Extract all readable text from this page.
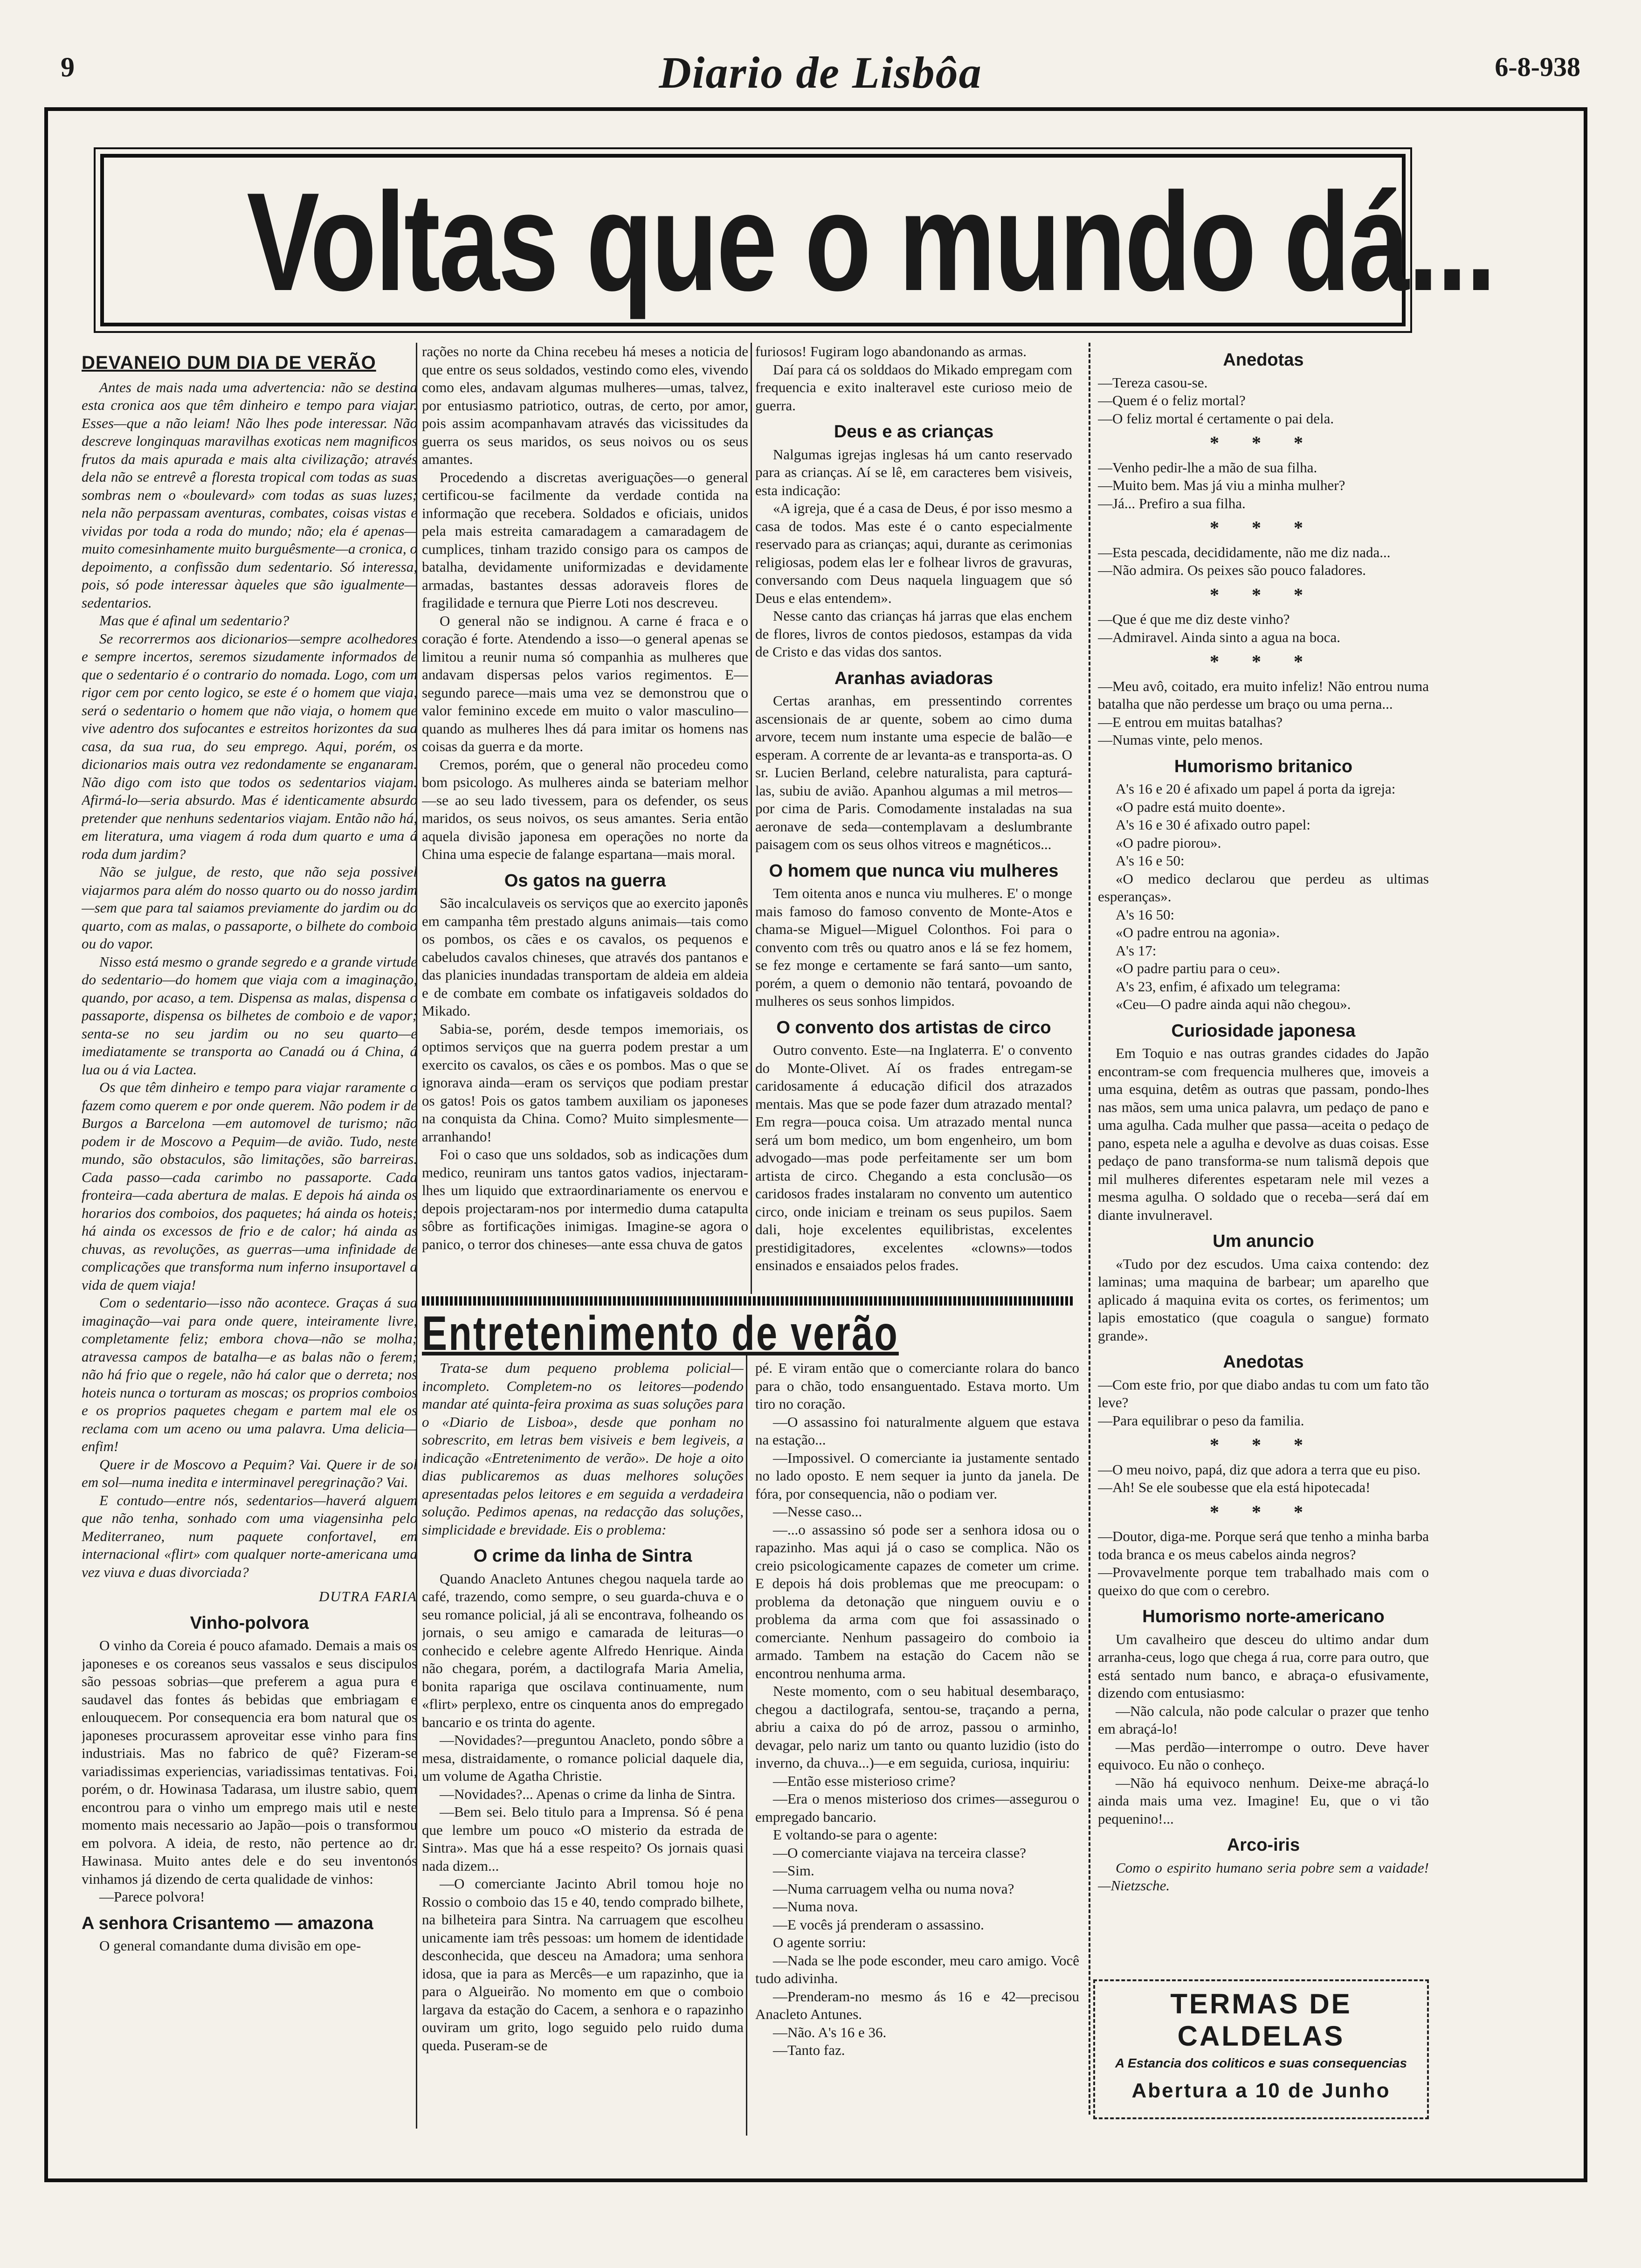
9	Diario de Lisbôa	6-8-938
Voltas que o mundo dá...
DEVANEIO DUM DIA DE VERÃO

Antes de mais nada uma advertencia: não se destina esta cronica aos que têm dinheiro e tempo para viajar. Esses—que a não leiam! Não lhes pode interessar. Não descreve longinquas maravilhas exoticas nem magnificos frutos da mais apurada e mais alta civilização; através dela não se entrevê a floresta tropical com todas as suas sombras nem o «boulevard» com todas as suas luzes; nela não perpassam aventuras, combates, coisas vistas e vividas por toda a roda do mundo; não; ela é apenas—muito comesinhamente muito burguêsmente—a cronica, o depoimento, a confissão dum sedentario. Só interessa, pois, só pode interessar àqueles que são igualmente—sedentarios.

Mas que é afinal um sedentario?

Se recorrermos aos dicionarios—sempre acolhedores e sempre incertos, seremos sizudamente informados de que o sedentario é o contrario do nomada. Logo, com um rigor cem por cento logico, se este é o homem que viaja, será o sedentario o homem que não viaja, o homem que vive adentro dos sufocantes e estreitos horizontes da sua casa, da sua rua, do seu emprego. Aqui, porém, os dicionarios mais outra vez redondamente se enganaram. Não digo com isto que todos os sedentarios viajam. Afirmá-lo—seria absurdo. Mas é identicamente absurdo pretender que nenhuns sedentarios viajam. Então não há, em literatura, uma viagem á roda dum quarto e uma á roda dum jardim?

Não se julgue, de resto, que não seja possivel viajarmos para além do nosso quarto ou do nosso jardim—sem que para tal saiamos previamente do jardim ou do quarto, com as malas, o passaporte, o bilhete do comboio ou do vapor.

Nisso está mesmo o grande segredo e a grande virtude do sedentario—do homem que viaja com a imaginação, quando, por acaso, a tem. Dispensa as malas, dispensa o passaporte, dispensa os bilhetes de comboio e de vapor; senta-se no seu jardim ou no seu quarto—e imediatamente se transporta ao Canadá ou á China, á lua ou á via Lactea.

Os que têm dinheiro e tempo para viajar raramente o fazem como querem e por onde querem. Não podem ir de Burgos a Barcelona —em automovel de turismo; não podem ir de Moscovo a Pequim—de avião. Tudo, neste mundo, são obstaculos, são limitações, são barreiras. Cada passo—cada carimbo no passaporte. Cada fronteira—cada abertura de malas. E depois há ainda os horarios dos comboios, dos paquetes; há ainda os hoteis; há ainda os excessos de frio e de calor; há ainda as chuvas, as revoluções, as guerras—uma infinidade de complicações que transforma num inferno insuportavel a vida de quem viaja!

Com o sedentario—isso não acontece. Graças á sua imaginação—vai para onde quere, inteiramente livre, completamente feliz; embora chova—não se molha; atravessa campos de batalha—e as balas não o ferem; não há frio que o regele, não há calor que o derreta; nos hoteis nunca o torturam as moscas; os proprios comboios e os proprios paquetes chegam e partem mal ele os reclama com um aceno ou uma palavra. Uma delicia—enfim!

Quere ir de Moscovo a Pequim? Vai. Quere ir de sol em sol—numa inedita e interminavel peregrinação? Vai.

E contudo—entre nós, sedentarios—haverá alguem que não tenha, sonhado com uma viagensinha pelo Mediterraneo, num paquete confortavel, em internacional «flirt» com qualquer norte-americana uma vez viuva e duas divorciada?

DUTRA FARIA
Vinho-polvora

O vinho da Coreia é pouco afamado. Demais a mais os japoneses e os coreanos seus vassalos e seus discipulos são pessoas sobrias—que preferem a agua pura e saudavel das fontes ás bebidas que embriagam e enlouquecem. Por consequencia era bom natural que os japoneses procurassem aproveitar esse vinho para fins industriais. Mas no fabrico de quê? Fizeram-se variadissimas experiencias, variadissimas tentativas. Foi, porém, o dr. Howinasa Tadarasa, um ilustre sabio, quem encontrou para o vinho um emprego mais util e neste momento mais necessario ao Japão—pois o transformou em polvora. A ideia, de resto, não pertence ao dr. Hawinasa. Muito antes dele e do seu inventonós vinhamos já dizendo de certa qualidade de vinhos:

—Parece polvora!

A senhora Crisantemo — amazona

O general comandante duma divisão em ope-

rações no norte da China recebeu há meses a noticia de que entre os seus soldados, vestindo como eles, vivendo como eles, andavam algumas mulheres—umas, talvez, por entusiasmo patriotico, outras, de certo, por amor, pois assim acompanhavam através das vicissitudes da guerra os seus maridos, os seus noivos ou os seus amantes.

Procedendo a discretas averiguações—o general certificou-se facilmente da verdade contida na informação que recebera. Soldados e oficiais, unidos pela mais estreita camaradagem a camaradagem de cumplices, tinham trazido consigo para os campos de batalha, devidamente uniformizadas e devidamente armadas, bastantes dessas adoraveis flores de fragilidade e ternura que Pierre Loti nos descreveu.

O general não se indignou. A carne é fraca e o coração é forte. Atendendo a isso—o general apenas se limitou a reunir numa só companhia as mulheres que andavam dispersas pelos varios regimentos. E—segundo parece—mais uma vez se demonstrou que o valor feminino excede em muito o valor masculino—quando as mulheres lhes dá para imitar os homens nas coisas da guerra e da morte.

Cremos, porém, que o general não procedeu como bom psicologo. As mulheres ainda se bateriam melhor—se ao seu lado tivessem, para os defender, os seus maridos, os seus noivos, os seus amantes. Seria então aquela divisão japonesa em operações no norte da China uma especie de falange espartana—mais moral.

Os gatos na guerra

São incalculaveis os serviços que ao exercito japonês em campanha têm prestado alguns animais—tais como os pombos, os cães e os cavalos, os pequenos e cabeludos cavalos chineses, que através dos pantanos e das planicies inundadas transportam de aldeia em aldeia e de combate em combate os infatigaveis soldados do Mikado.

Sabia-se, porém, desde tempos imemoriais, os optimos serviços que na guerra podem prestar a um exercito os cavalos, os cães e os pombos. Mas o que se ignorava ainda—eram os serviços que podiam prestar os gatos! Pois os gatos tambem auxiliam os japoneses na conquista da China. Como? Muito simplesmente—arranhando!

Foi o caso que uns soldados, sob as indicações dum medico, reuniram uns tantos gatos vadios, injectaram-lhes um liquido que extraordinariamente os enervou e depois projectaram-nos por intermedio duma catapulta sôbre as fortificações inimigas. Imagine-se agora o panico, o terror dos chineses—ante essa chuva de gatos

furiosos! Fugiram logo abandonando as armas.

Daí para cá os solddaos do Mikado empregam com frequencia e exito inalteravel este curioso meio de guerra.

Deus e as crianças

Nalgumas igrejas inglesas há um canto reservado para as crianças. Aí se lê, em caracteres bem visiveis, esta indicação:

«A igreja, que é a casa de Deus, é por isso mesmo a casa de todos. Mas este é o canto especialmente reservado para as crianças; aqui, durante as cerimonias religiosas, podem elas ler e folhear livros de gravuras, conversando com Deus naquela linguagem que só Deus e elas entendem».

Nesse canto das crianças há jarras que elas enchem de flores, livros de contos piedosos, estampas da vida de Cristo e das vidas dos santos.

Aranhas aviadoras

Certas aranhas, em pressentindo correntes ascensionais de ar quente, sobem ao cimo duma arvore, tecem num instante uma especie de balão—e esperam. A corrente de ar levanta-as e transporta-as. O sr. Lucien Berland, celebre naturalista, para capturá-las, subiu de avião. Apanhou algumas a mil metros—por cima de Paris. Comodamente instaladas na sua aeronave de seda—contemplavam a deslumbrante paisagem com os seus olhos vitreos e magnéticos...

O homem que nunca viu mulheres

Tem oitenta anos e nunca viu mulheres. E' o monge mais famoso do famoso convento de Monte-Atos e chama-se Miguel—Miguel Colonthos. Foi para o convento com três ou quatro anos e lá se fez homem, se fez monge e certamente se fará santo—um santo, porém, a quem o demonio não tentará, povoando de mulheres os seus sonhos limpidos.

O convento dos artistas de circo

Outro convento. Este—na Inglaterra. E' o convento do Monte-Olivet. Aí os frades entregam-se caridosamente á educação dificil dos atrazados mentais. Mas que se pode fazer dum atrazado mental? Em regra—pouca coisa. Um atrazado mental nunca será um bom medico, um bom engenheiro, um bom advogado—mas pode perfeitamente ser um bom artista de circo. Chegando a esta conclusão—os caridosos frades instalaram no convento um autentico circo, onde iniciam e treinam os seus pupilos. Saem dali, hoje excelentes equilibristas, excelentes prestidigitadores, excelentes «clowns»—todos ensinados e ensaiados pelos frades.

Entretenimento de verão

Trata-se dum pequeno problema policial—incompleto. Completem-no os leitores—podendo mandar até quinta-feira proxima as suas soluções para o «Diario de Lisboa», desde que ponham no sobrescrito, em letras bem visiveis e bem legiveis, a indicação «Entretenimento de verão». De hoje a oito dias publicaremos as duas melhores soluções apresentadas pelos leitores e em seguida a verdadeira solução. Pedimos apenas, na redacção das soluções, simplicidade e brevidade. Eis o problema:

O crime da linha de Sintra

Quando Anacleto Antunes chegou naquela tarde ao café, trazendo, como sempre, o seu guarda-chuva e o seu romance policial, já ali se encontrava, folheando os jornais, o seu amigo e camarada de leituras—o conhecido e celebre agente Alfredo Henrique. Ainda não chegara, porém, a dactilografa Maria Amelia, bonita rapariga que oscilava continuamente, num «flirt» perplexo, entre os cinquenta anos do empregado bancario e os trinta do agente.

—Novidades?—preguntou Anacleto, pondo sôbre a mesa, distraidamente, o romance policial daquele dia, um volume de Agatha Christie.

—Novidades?... Apenas o crime da linha de Sintra.

—Bem sei. Belo titulo para a Imprensa. Só é pena que lembre um pouco «O misterio da estrada de Sintra». Mas que há a esse respeito? Os jornais quasi nada dizem...

—O comerciante Jacinto Abril tomou hoje no Rossio o comboio das 15 e 40, tendo comprado bilhete, na bilheteira para Sintra. Na carruagem que escolheu unicamente iam três pessoas: um homem de identidade desconhecida, que desceu na Amadora; uma senhora idosa, que ia para as Mercês—e um rapazinho, que ia para o Algueirão. No momento em que o comboio largava da estação do Cacem, a senhora e o rapazinho ouviram um grito, logo seguido pelo ruido duma queda. Puseram-se de

pé. E viram então que o comerciante rolara do banco para o chão, todo ensanguentado. Estava morto. Um tiro no coração.

—O assassino foi naturalmente alguem que estava na estação...

—Impossivel. O comerciante ia justamente sentado no lado oposto. E nem sequer ia junto da janela. De fóra, por consequencia, não o podiam ver.

—Nesse caso...

—...o assassino só pode ser a senhora idosa ou o rapazinho. Mas aqui já o caso se complica. Não os creio psicologicamente capazes de cometer um crime. E depois há dois problemas que me preocupam: o problema da detonação que ninguem ouviu e o problema da arma com que foi assassinado o comerciante. Nenhum passageiro do comboio ia armado. Tambem na estação do Cacem não se encontrou nenhuma arma.

Neste momento, com o seu habitual desembaraço, chegou a dactilografa, sentou-se, traçando a perna, abriu a caixa do pó de arroz, passou o arminho, devagar, pelo nariz um tanto ou quanto luzidio (isto do inverno, da chuva...)—e em seguida, curiosa, inquiriu:

—Então esse misterioso crime?

—Era o menos misterioso dos crimes—assegurou o empregado bancario.

E voltando-se para o agente:

—O comerciante viajava na terceira classe?

—Sim.

—Numa carruagem velha ou numa nova?

—Numa nova.

—E vocês já prenderam o assassino.

O agente sorriu:

—Nada se lhe pode esconder, meu caro amigo. Você tudo adivinha.

—Prenderam-no mesmo ás 16 e 42—precisou Anacleto Antunes.

—Não. A's 16 e 36.

—Tanto faz.

Anedotas

—Tereza casou-se.

—Quem é o feliz mortal?

—O feliz mortal é certamente o pai dela.

* * *

—Venho pedir-lhe a mão de sua filha.

—Muito bem. Mas já viu a minha mulher?

—Já... Prefiro a sua filha.

* * *

—Esta pescada, decididamente, não me diz nada...

—Não admira. Os peixes são pouco faladores.

* * *

—Que é que me diz deste vinho?

—Admiravel. Ainda sinto a agua na boca.

* * *

—Meu avô, coitado, era muito infeliz! Não entrou numa batalha que não perdesse um braço ou uma perna...

—E entrou em muitas batalhas?

—Numas vinte, pelo menos.

Humorismo britanico

A's 16 e 20 é afixado um papel á porta da igreja:

«O padre está muito doente».

A's 16 e 30 é afixado outro papel:

«O padre piorou».

A's 16 e 50:

«O medico declarou que perdeu as ultimas esperanças».

A's 16 50:

«O padre entrou na agonia».

A's 17:

«O padre partiu para o ceu».

A's 23, enfim, é afixado um telegrama:

«Ceu—O padre ainda aqui não chegou».

Curiosidade japonesa

Em Toquio e nas outras grandes cidades do Japão encontram-se com frequencia mulheres que, imoveis a uma esquina, detêm as outras que passam, pondo-lhes nas mãos, sem uma unica palavra, um pedaço de pano e uma agulha. Cada mulher que passa—aceita o pedaço de pano, espeta nele a agulha e devolve as duas coisas. Esse pedaço de pano transforma-se num talismã depois que mil mulheres diferentes espetaram nele mil vezes a mesma agulha. O soldado que o receba—será daí em diante invulneravel.

Um anuncio

«Tudo por dez escudos. Uma caixa contendo: dez laminas; uma maquina de barbear; um aparelho que aplicado á maquina evita os cortes, os ferimentos; um lapis emostatico (que coagula o sangue) formato grande».

Anedotas

—Com este frio, por que diabo andas tu com um fato tão leve?

—Para equilibrar o peso da familia.

* * *

—O meu noivo, papá, diz que adora a terra que eu piso.

—Ah! Se ele soubesse que ela está hipotecada!

* * *

—Doutor, diga-me. Porque será que tenho a minha barba toda branca e os meus cabelos ainda negros?

—Provavelmente porque tem trabalhado mais com o queixo do que com o cerebro.

Humorismo norte-americano

Um cavalheiro que desceu do ultimo andar dum arranha-ceus, logo que chega á rua, corre para outro, que está sentado num banco, e abraça-o efusivamente, dizendo com entusiasmo:

—Não calcula, não pode calcular o prazer que tenho em abraçá-lo!

—Mas perdão—interrompe o outro. Deve haver equivoco. Eu não o conheço.

—Não há equivoco nenhum. Deixe-me abraçá-lo ainda mais uma vez. Imagine! Eu, que o vi tão pequenino!...

Arco-iris

Como o espirito humano seria pobre sem a vaidade!—Nietzsche.

TERMAS DE CALDELAS
A Estancia dos coliticos e suas consequencias
Abertura a 10 de Junho
